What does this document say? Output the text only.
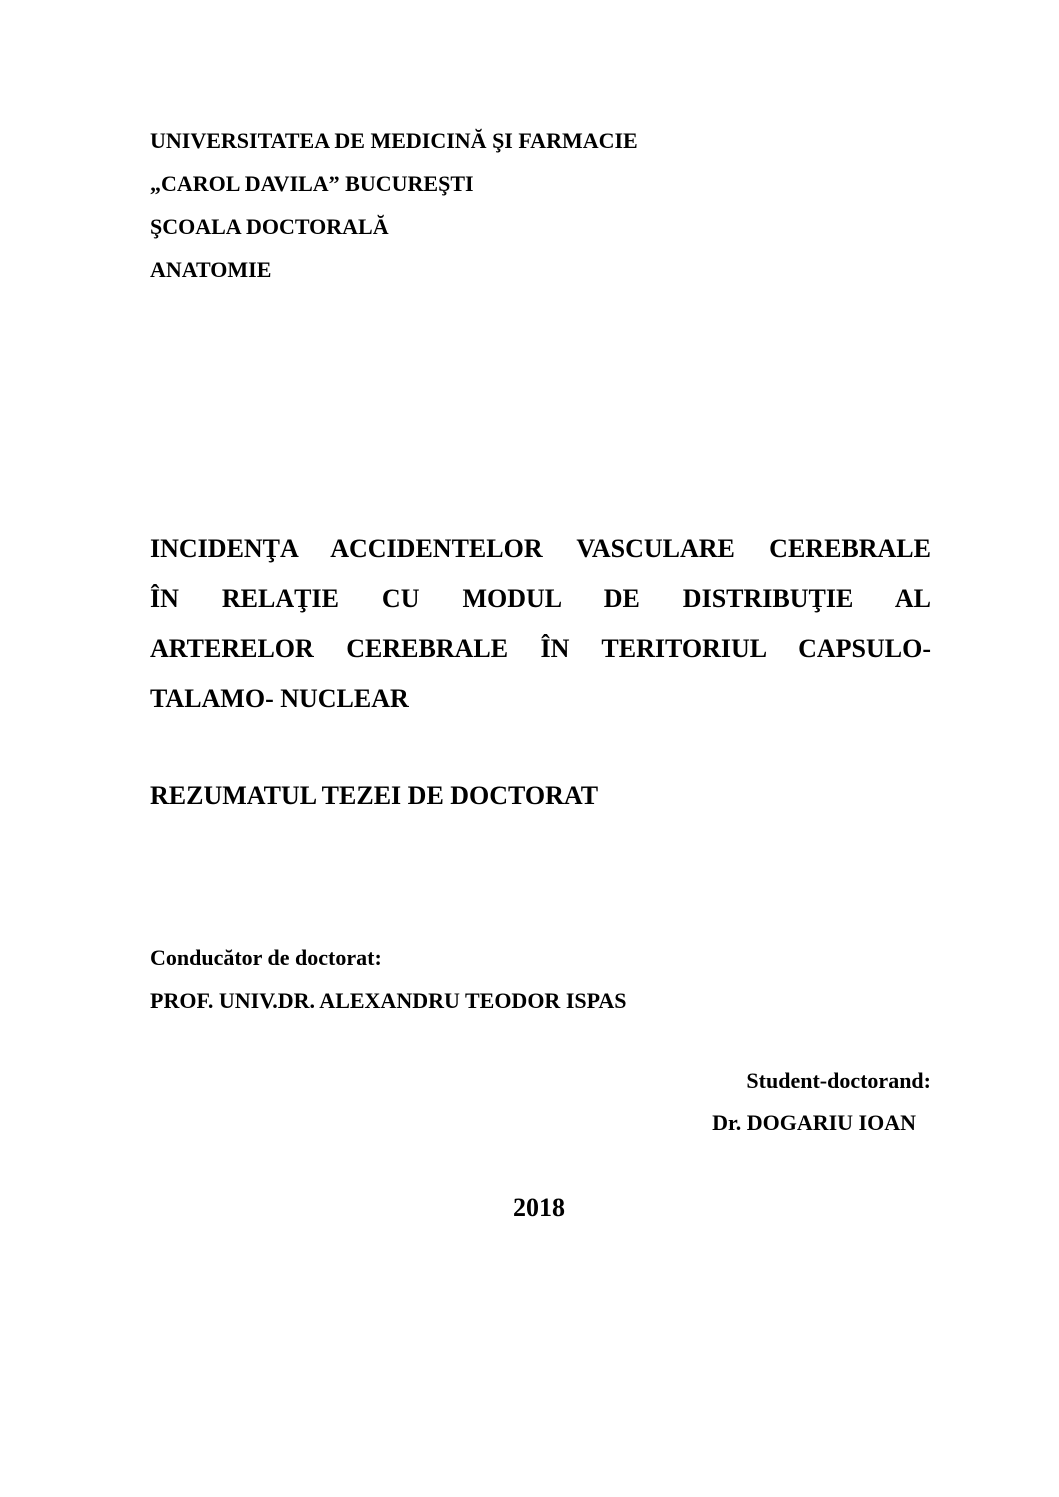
UNIVERSITATEA DE MEDICINĂ ŞI FARMACIE

„CAROL DAVILA” BUCUREŞTI

ŞCOALA DOCTORALĂ

ANATOMIE

INCIDENŢA ACCIDENTELOR VASCULARE CEREBRALE

ÎN RELAŢIE CU MODUL DE DISTRIBUŢIE AL

ARTERELOR CEREBRALE ÎN TERITORIUL CAPSULO-

TALAMO- NUCLEAR

REZUMATUL TEZEI DE DOCTORAT

Conducător de doctorat:

PROF. UNIV.DR. ALEXANDRU TEODOR ISPAS

Student-doctorand:

Dr. DOGARIU IOAN

2018
